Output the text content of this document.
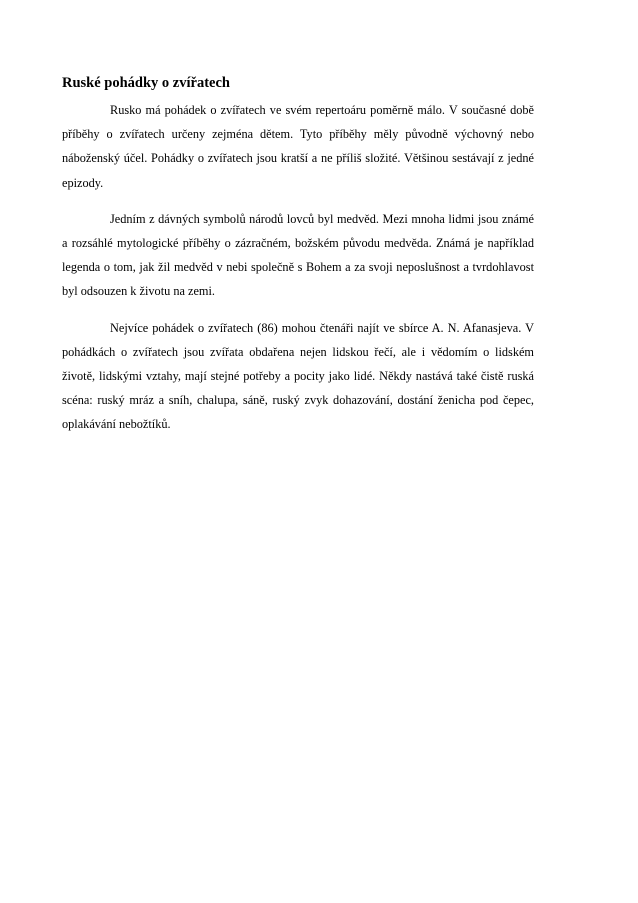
Ruské pohádky o zvířatech

Rusko má pohádek o zvířatech ve svém repertoáru poměrně málo. V současné době příběhy o zvířatech určeny zejména dětem. Tyto příběhy měly původně výchovný nebo náboženský účel. Pohádky o zvířatech jsou kratší a ne příliš složité. Většinou sestávají z jedné epizody.

Jedním z dávných symbolů národů lovců byl medvěd. Mezi mnoha lidmi jsou známé a rozsáhlé mytologické příběhy o zázračném, božském původu medvěda. Známá je například legenda o tom, jak žil medvěd v nebi společně s Bohem a za svoji neposlušnost a tvrdohlavost byl odsouzen k životu na zemi.

Nejvíce pohádek o zvířatech (86) mohou čtenáři najít ve sbírce A. N. Afanasjeva. V pohádkách o zvířatech jsou zvířata obdařena nejen lidskou řečí, ale i vědomím o lidském životě, lidskými vztahy, mají stejné potřeby a pocity jako lidé. Někdy nastává také čistě ruská scéna: ruský mráz a sníh, chalupa, sáně, ruský zvyk dohazování, dostání ženicha pod čepec, oplakávání nebožtíků.
